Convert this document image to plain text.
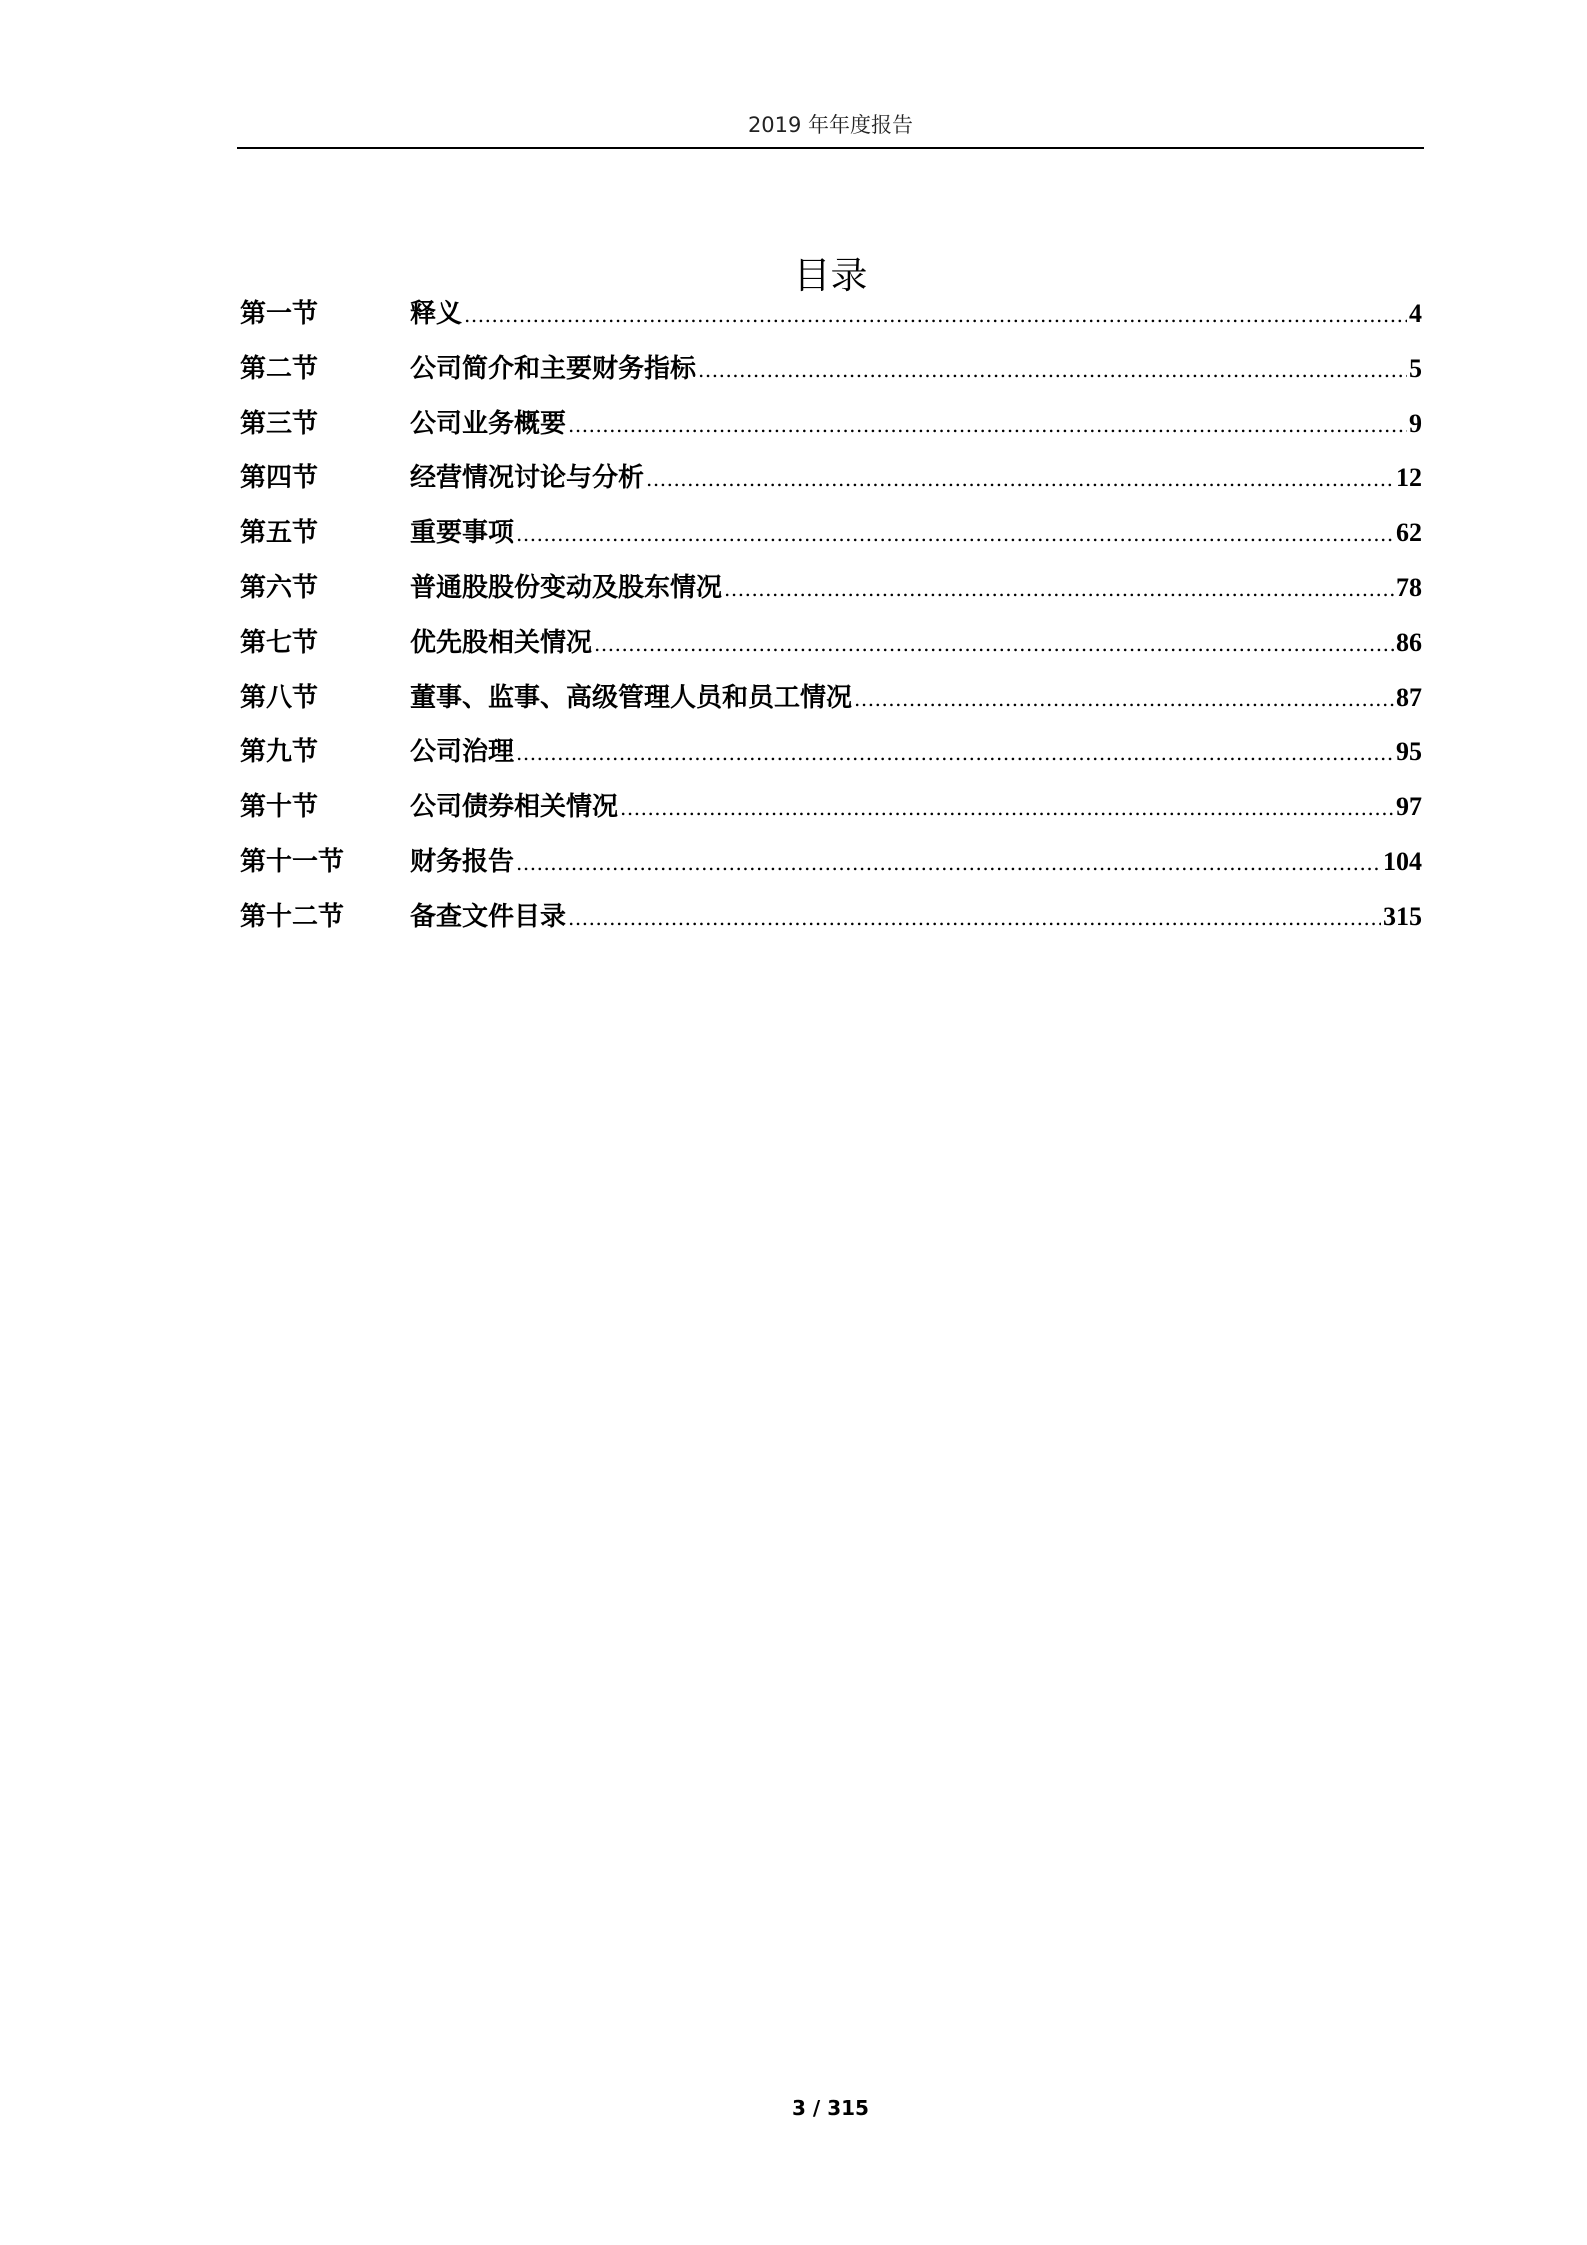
2019 年年度报告
目录
第一节	释义 .....	4
第二节	公司简介和主要财务指标 .....	5
第三节	公司业务概要 .....	9
第四节	经营情况讨论与分析 .....	12
第五节	重要事项 .....	62
第六节	普通股股份变动及股东情况 .....	78
第七节	优先股相关情况 .....	86
第八节	董事、监事、高级管理人员和员工情况 .....	87
第九节	公司治理 .....	95
第十节	公司债券相关情况 .....	97
第十一节	财务报告 .....	104
第十二节	备查文件目录 .....	315
3 / 315
